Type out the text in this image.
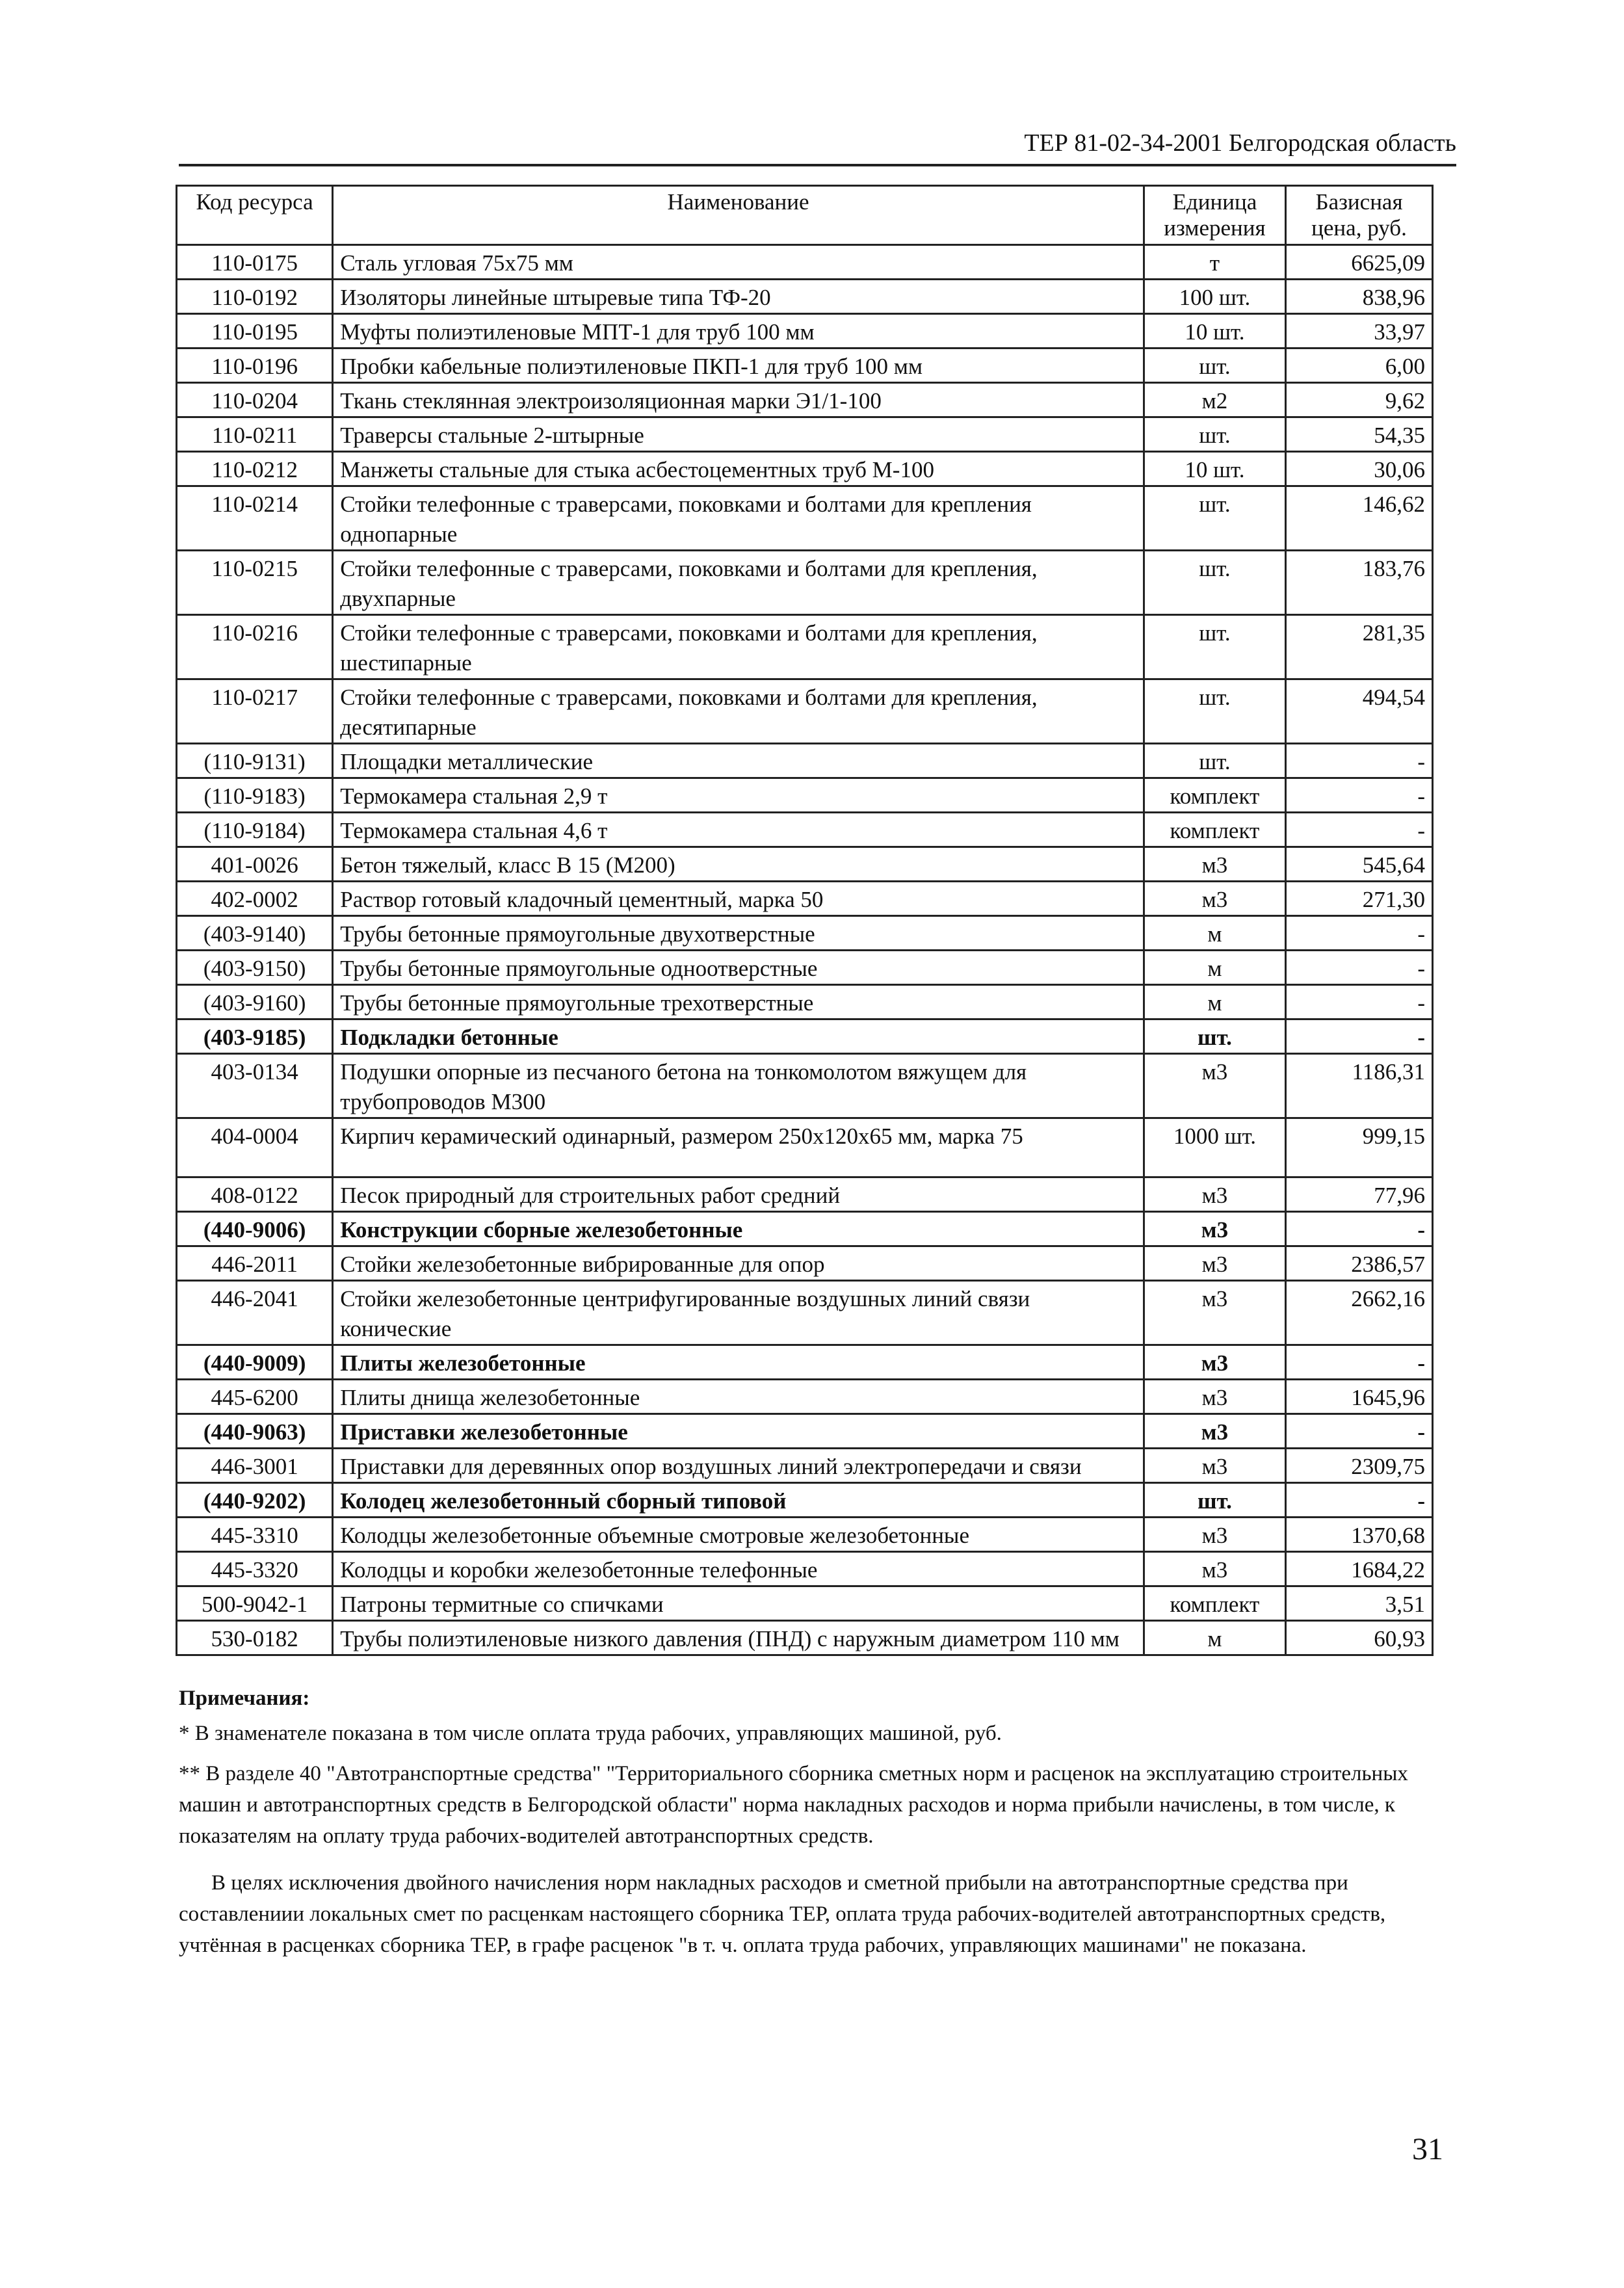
ТЕР 81-02-34-2001 Белгородская область
Код ресурса	Наименование	Единица измерения	Базисная цена, руб.
110-0175	Сталь угловая 75х75 мм	т	6625,09
110-0192	Изоляторы линейные штыревые типа ТФ-20	100 шт.	838,96
110-0195	Муфты полиэтиленовые МПТ-1 для труб 100 мм	10 шт.	33,97
110-0196	Пробки кабельные полиэтиленовые ПКП-1 для труб 100 мм	шт.	6,00
110-0204	Ткань стеклянная электроизоляционная марки Э1/1-100	м2	9,62
110-0211	Траверсы стальные 2-штырные	шт.	54,35
110-0212	Манжеты стальные для стыка асбестоцементных труб М-100	10 шт.	30,06
110-0214	Стойки телефонные с траверсами, поковками и болтами для крепления однопарные	шт.	146,62
110-0215	Стойки телефонные с траверсами, поковками и болтами для крепления, двухпарные	шт.	183,76
110-0216	Стойки телефонные с траверсами, поковками и болтами для крепления, шестипарные	шт.	281,35
110-0217	Стойки телефонные с траверсами, поковками и болтами для крепления, десятипарные	шт.	494,54
(110-9131)	Площадки металлические	шт.	-
(110-9183)	Термокамера стальная 2,9 т	комплект	-
(110-9184)	Термокамера стальная 4,6 т	комплект	-
401-0026	Бетон тяжелый, класс В 15 (М200)	м3	545,64
402-0002	Раствор готовый кладочный цементный, марка 50	м3	271,30
(403-9140)	Трубы бетонные прямоугольные двухотверстные	м	-
(403-9150)	Трубы бетонные прямоугольные одноотверстные	м	-
(403-9160)	Трубы бетонные прямоугольные трехотверстные	м	-
(403-9185)	Подкладки бетонные	шт.	-
403-0134	Подушки опорные из песчаного бетона на тонкомолотом вяжущем для трубопроводов М300	м3	1186,31
404-0004	Кирпич керамический одинарный, размером 250х120х65 мм, марка 75	1000 шт.	999,15
408-0122	Песок природный для строительных работ средний	м3	77,96
(440-9006)	Конструкции сборные железобетонные	м3	-
446-2011	Стойки железобетонные вибрированные для опор	м3	2386,57
446-2041	Стойки железобетонные центрифугированные воздушных линий связи конические	м3	2662,16
(440-9009)	Плиты железобетонные	м3	-
445-6200	Плиты днища железобетонные	м3	1645,96
(440-9063)	Приставки железобетонные	м3	-
446-3001	Приставки для деревянных опор воздушных линий электропередачи и связи	м3	2309,75
(440-9202)	Колодец железобетонный сборный типовой	шт.	-
445-3310	Колодцы железобетонные объемные смотровые железобетонные	м3	1370,68
445-3320	Колодцы и коробки железобетонные телефонные	м3	1684,22
500-9042-1	Патроны термитные со спичками	комплект	3,51
530-0182	Трубы полиэтиленовые низкого давления (ПНД) с наружным диаметром 110 мм	м	60,93

Примечания:

* В знаменателе показана в том числе оплата труда рабочих, управляющих машиной, руб.

** В разделе 40 "Автотранспортные средства" "Территориального сборника сметных норм и расценок на эксплуатацию строительных машин и автотранспортных средств в Белгородской области" норма накладных расходов и норма прибыли начислены, в том числе, к показателям на оплату труда рабочих-водителей автотранспортных средств.

В целях исключения двойного начисления норм накладных расходов и сметной прибыли на автотранспортные средства при составлениии локальных смет по расценкам настоящего сборника ТЕР, оплата труда рабочих-водителей автотранспортных средств, учтённая в расценках сборника ТЕР, в графе расценок "в т. ч. оплата труда рабочих, управляющих машинами" не показана.

31
